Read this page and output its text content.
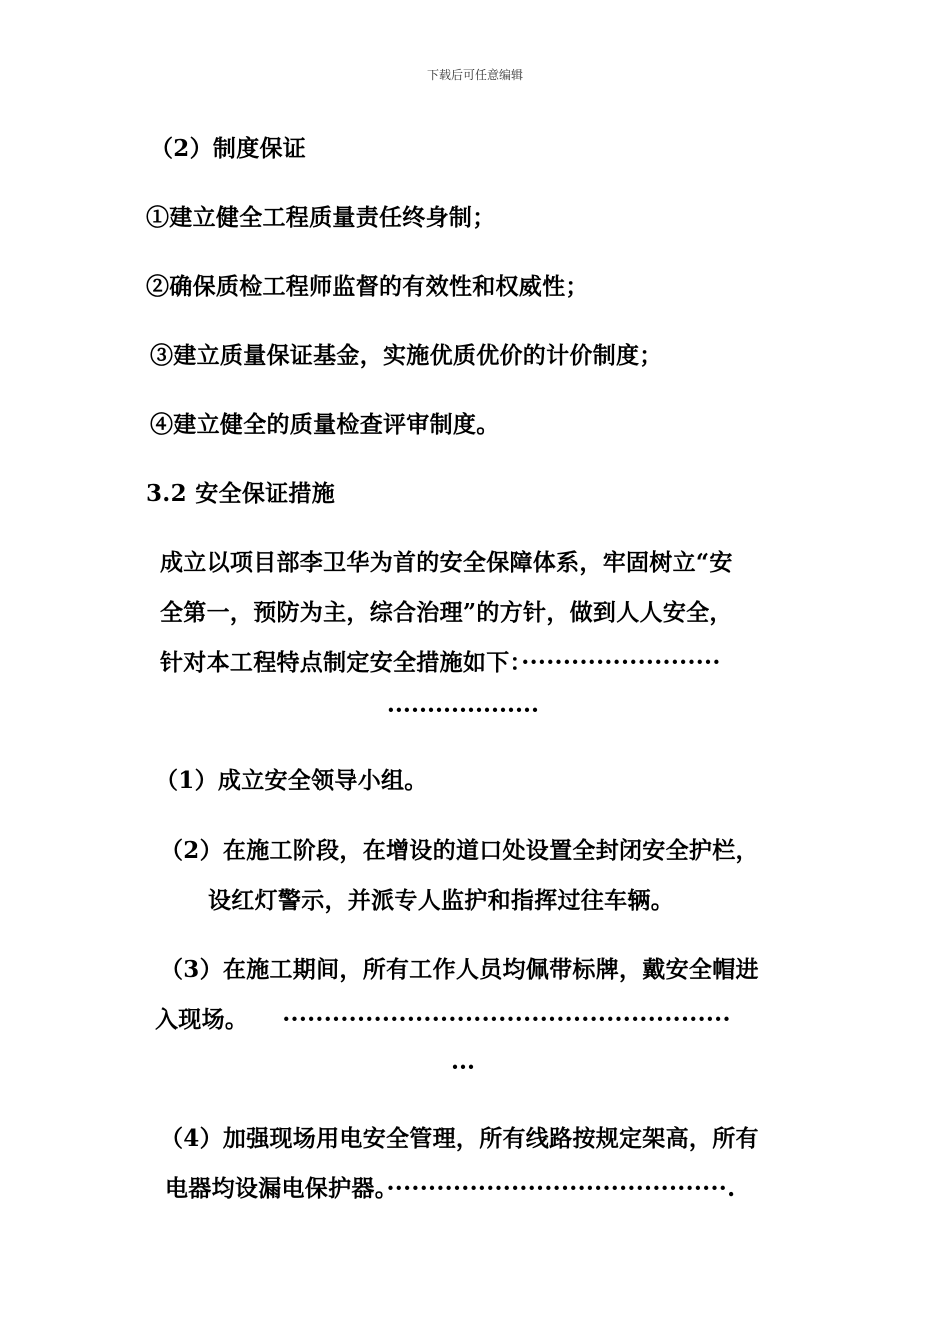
下载后可任意编辑
（2）制度保证
①建立健全工程质量责任终身制；
②确保质检工程师监督的有效性和权威性；
③建立质量保证基金，实施优质优价的计价制度；
④建立健全的质量检查评审制度。
3.2 安全保证措施
成立以项目部李卫华为首的安全保障体系，牢固树立“安
全第一，预防为主，综合治理”的方针，做到人人安全，
针对本工程特点制定安全措施如下：························
···················
（1）成立安全领导小组。
（2）在施工阶段，在增设的道口处设置全封闭安全护栏，
设红灯警示，并派专人监护和指挥过往车辆。
（3）在施工期间，所有工作人员均佩带标牌，戴安全帽进
入现场。 ······················································
···
（4）加强现场用电安全管理，所有线路按规定架高，所有
电器均设漏电保护器。·········································.
